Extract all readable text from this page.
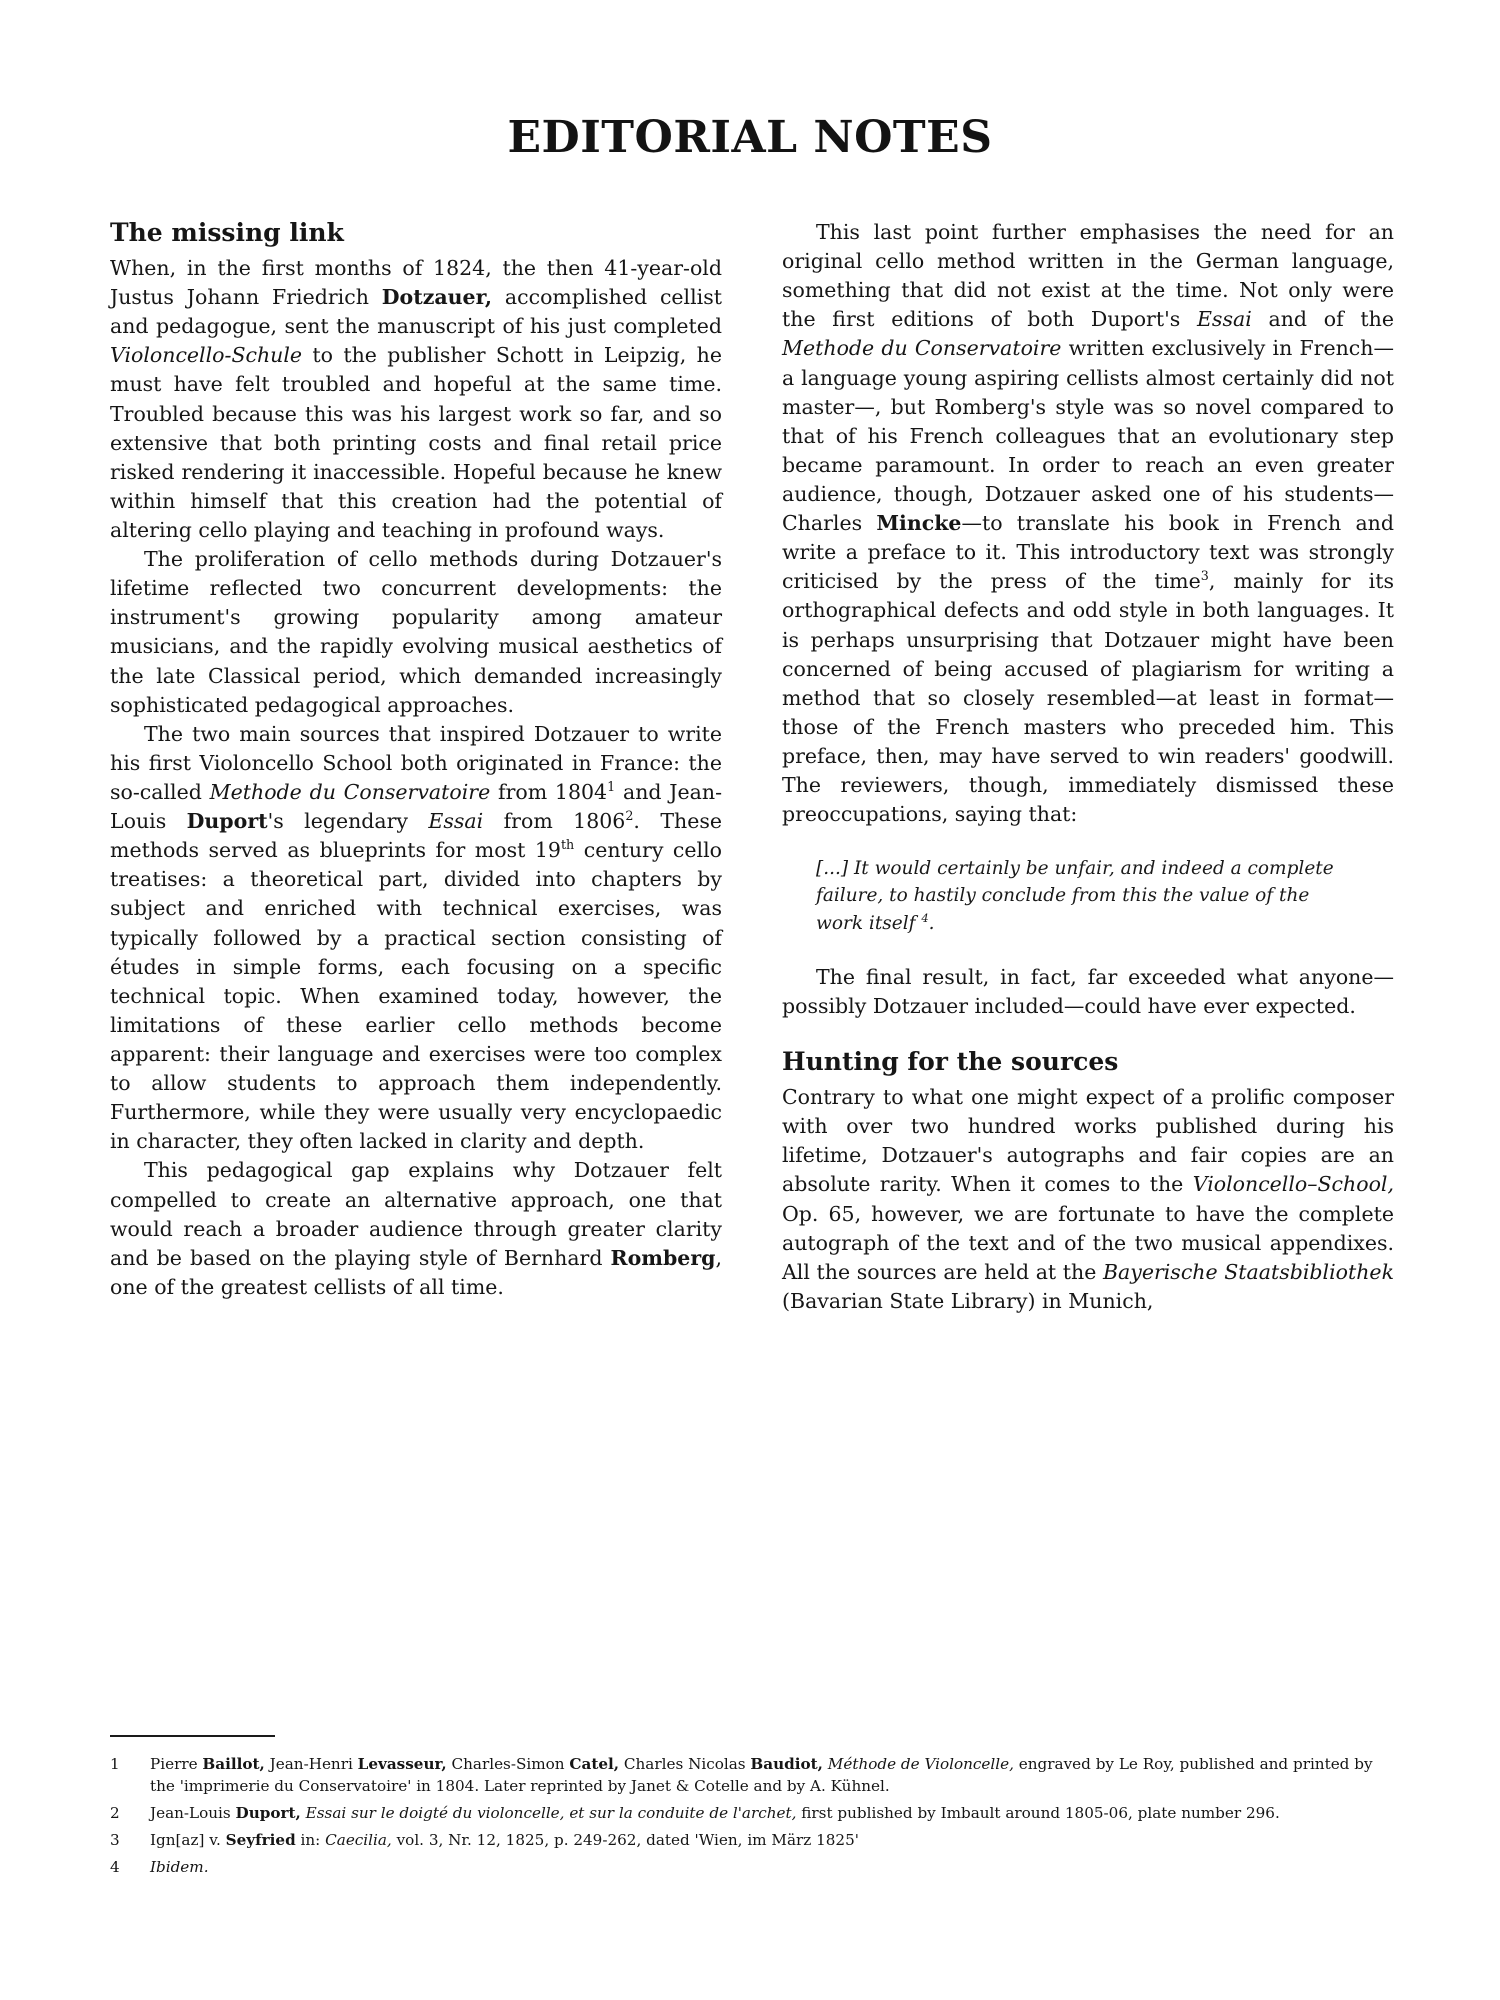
EDITORIAL NOTES
The missing link

When, in the first months of 1824, the then 41-year-old Justus Johann Friedrich Dotzauer, accomplished cellist and pedagogue, sent the manuscript of his just completed Violoncello-Schule to the publisher Schott in Leipzig, he must have felt troubled and hopeful at the same time. Troubled because this was his largest work so far, and so extensive that both printing costs and final retail price risked rendering it inaccessible. Hopeful because he knew within himself that this creation had the potential of altering cello playing and teaching in profound ways.

The proliferation of cello methods during Dotzauer's lifetime reflected two concurrent developments: the instrument's growing popularity among amateur musicians, and the rapidly evolving musical aesthetics of the late Classical period, which demanded increasingly sophisticated pedagogical approaches.

The two main sources that inspired Dotzauer to write his first Violoncello School both originated in France: the so-called Methode du Conservatoire from 1804$^1$ and Jean-Louis Duport's legendary Essai from 1806$^2$. These methods served as blueprints for most 19th century cello treatises: a theoretical part, divided into chapters by subject and enriched with technical exercises, was typically followed by a practical section consisting of études in simple forms, each focusing on a specific technical topic. When examined today, however, the limitations of these earlier cello methods become apparent: their language and exercises were too complex to allow students to approach them independently. Furthermore, while they were usually very encyclopaedic in character, they often lacked in clarity and depth.

This pedagogical gap explains why Dotzauer felt compelled to create an alternative approach, one that would reach a broader audience through greater clarity and be based on the playing style of Bernhard Romberg, one of the greatest cellists of all time.

This last point further emphasises the need for an original cello method written in the German language, something that did not exist at the time. Not only were the first editions of both Duport's Essai and of the Methode du Conservatoire written exclusively in French—a language young aspiring cellists almost certainly did not master—, but Romberg's style was so novel compared to that of his French colleagues that an evolutionary step became paramount. In order to reach an even greater audience, though, Dotzauer asked one of his students—Charles Mincke—to translate his book in French and write a preface to it. This introductory text was strongly criticised by the press of the time$^3$, mainly for its orthographical defects and odd style in both languages. It is perhaps unsurprising that Dotzauer might have been concerned of being accused of plagiarism for writing a method that so closely resembled—at least in format—those of the French masters who preceded him. This preface, then, may have served to win readers' goodwill. The reviewers, though, immediately dismissed these preoccupations, saying that:

[...] It would certainly be unfair, and indeed a complete failure, to hastily conclude from this the value of the work itself $^4$.

The final result, in fact, far exceeded what anyone—possibly Dotzauer included—could have ever expected.

Hunting for the sources

Contrary to what one might expect of a prolific composer with over two hundred works published during his lifetime, Dotzauer's autographs and fair copies are an absolute rarity. When it comes to the Violoncello–School, Op. 65, however, we are fortunate to have the complete autograph of the text and of the two musical appendixes. All the sources are held at the Bayerische Staatsbibliothek (Bavarian State Library) in Munich,

1	Pierre Baillot, Jean-Henri Levasseur, Charles-Simon Catel, Charles Nicolas Baudiot, Méthode de Violoncelle, engraved by Le Roy, published and printed by the 'imprimerie du Conservatoire' in 1804. Later reprinted by Janet & Cotelle and by A. Kühnel.
2	Jean-Louis Duport, Essai sur le doigté du violoncelle, et sur la conduite de l'archet, first published by Imbault around 1805-06, plate number 296.
3	Ign[az] v. Seyfried in: Caecilia, vol. 3, Nr. 12, 1825, p. 249-262, dated 'Wien, im März 1825'
4	Ibidem.
